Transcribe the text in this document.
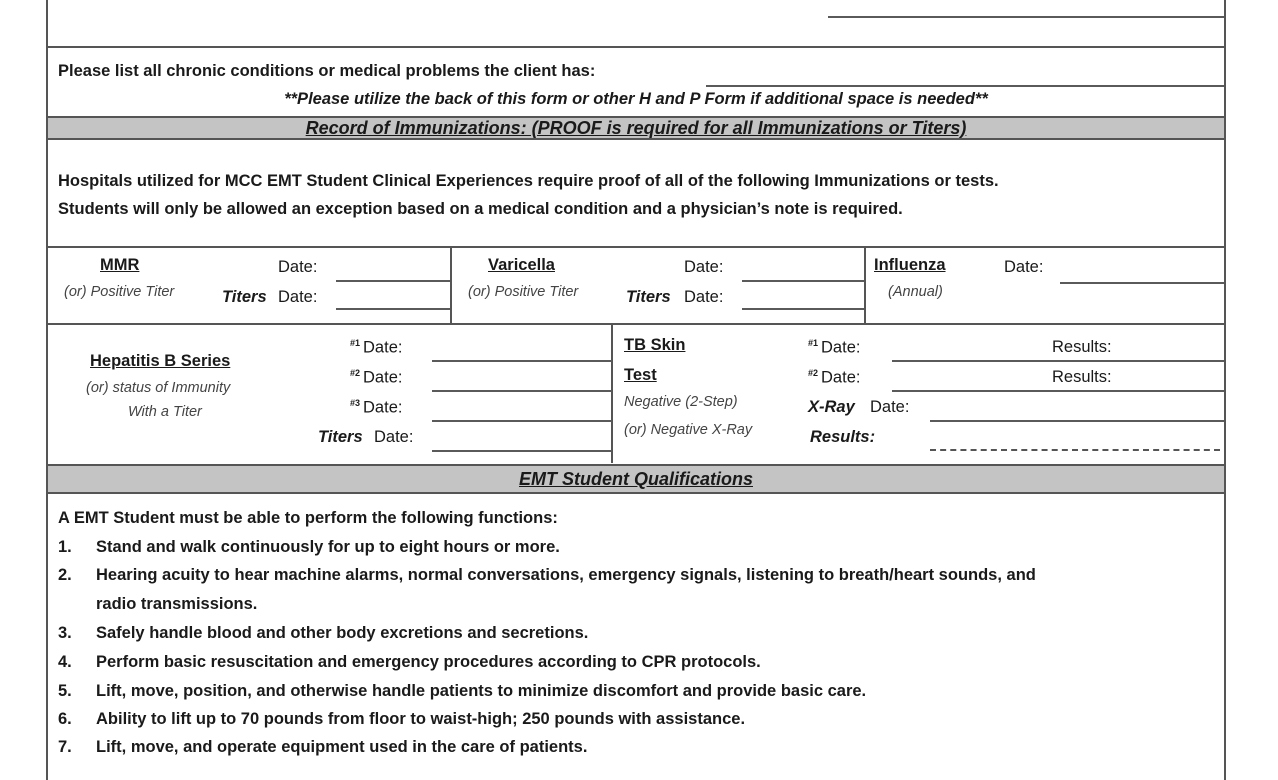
Please list all chronic conditions or medical problems the client has:
**Please utilize the back of this form or other H and P Form if additional space is needed**
Record of Immunizations: (PROOF is required for all Immunizations or Titers)
Hospitals utilized for MCC EMT Student Clinical Experiences require proof of all of the following Immunizations or tests.
Students will only be allowed an exception based on a medical condition and a physician’s note is required.
MMR
(or) Positive Titer
Date:
Titers Date:
Varicella
(or) Positive Titer
Date:
Titers Date:
Influenza
(Annual)
Date:
Hepatitis B Series
(or) status of Immunity
With a Titer
$^{\#1}$ Date:
$^{\#2}$ Date:
$^{\#3}$ Date:
Titers Date:
TB Skin
Test
Negative (2-Step)
(or) Negative X-Ray
$^{\#1}$ Date:	Results:
$^{\#2}$ Date:	Results:
X-Ray Date:
Results:
EMT Student Qualifications
A EMT Student must be able to perform the following functions:
1. Stand and walk continuously for up to eight hours or more.
2. Hearing acuity to hear machine alarms, normal conversations, emergency signals, listening to breath/heart sounds, and
radio transmissions.
3. Safely handle blood and other body excretions and secretions.
4. Perform basic resuscitation and emergency procedures according to CPR protocols.
5. Lift, move, position, and otherwise handle patients to minimize discomfort and provide basic care.
6. Ability to lift up to 70 pounds from floor to waist-high; 250 pounds with assistance.
7. Lift, move, and operate equipment used in the care of patients.
